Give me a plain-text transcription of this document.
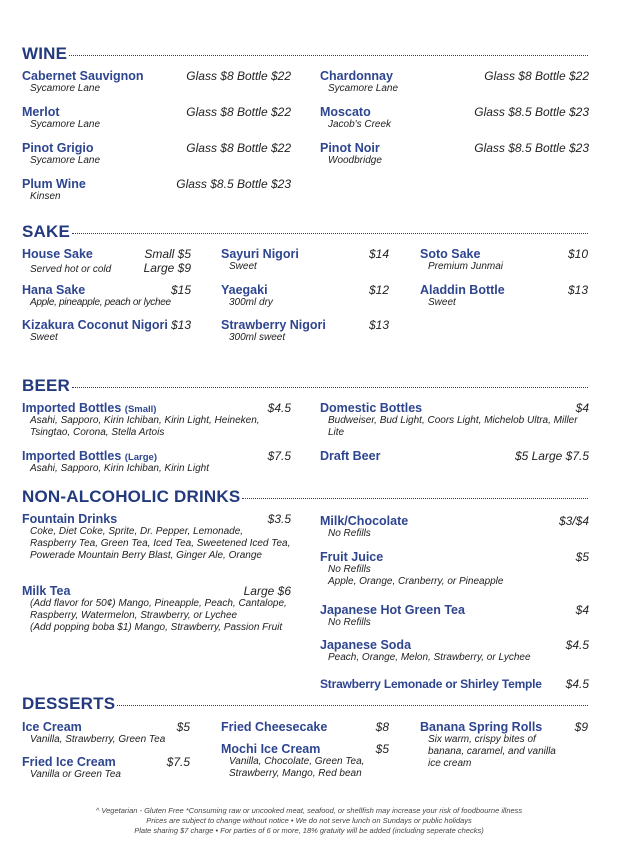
WINE
Cabernet Sauvignon	Glass $8 Bottle $22
Sycamore Lane
Merlot	Glass $8 Bottle $22
Sycamore Lane
Pinot Grigio	Glass $8 Bottle $22
Sycamore Lane
Plum Wine	Glass $8.5 Bottle $23
Kinsen
Chardonnay	Glass $8 Bottle $22
Sycamore Lane
Moscato	Glass $8.5 Bottle $23
Jacob's Creek
Pinot Noir	Glass $8.5 Bottle $23
Woodbridge
SAKE
House Sake	Small $5
Served hot or cold	Large $9
Hana Sake	$15
Apple, pineapple, peach or lychee
Kizakura Coconut Nigori $13
Sweet
Sayuri Nigori	$14
Sweet
Yaegaki	$12
300ml dry
Strawberry Nigori	$13
300ml sweet
Soto Sake	$10
Premium Junmai
Aladdin Bottle	$13
Sweet
BEER
Imported Bottles (Small)	$4.5
Asahi, Sapporo, Kirin Ichiban, Kirin Light, Heineken, Tsingtao, Corona, Stella Artois
Imported Bottles (Large)	$7.5
Asahi, Sapporo, Kirin Ichiban, Kirin Light
Domestic Bottles	$4
Budweiser, Bud Light, Coors Light, Michelob Ultra, Miller Lite
Draft Beer	$5 Large $7.5
NON-ALCOHOLIC DRINKS
Fountain Drinks	$3.5
Coke, Diet Coke, Sprite, Dr. Pepper, Lemonade, Raspberry Tea, Green Tea, Iced Tea, Sweetened Iced Tea, Powerade Mountain Berry Blast, Ginger Ale, Orange
Milk Tea	Large $6
(Add flavor for 50¢) Mango, Pineapple, Peach, Cantalope, Raspberry, Watermelon, Strawberry, or Lychee
(Add popping boba $1) Mango, Strawberry, Passion Fruit
Milk/Chocolate	$3/$4
No Refills
Fruit Juice	$5
No Refills
Apple, Orange, Cranberry, or Pineapple
Japanese Hot Green Tea	$4
No Refills
Japanese Soda	$4.5
Peach, Orange, Melon, Strawberry, or Lychee
Strawberry Lemonade or Shirley Temple $4.5
DESSERTS
Ice Cream	$5
Vanilla, Strawberry, Green Tea
Fried Ice Cream	$7.5
Vanilla or Green Tea
Fried Cheesecake	$8
Mochi Ice Cream	$5
Vanilla, Chocolate, Green Tea, Strawberry, Mango, Red bean
Banana Spring Rolls	$9
Six warm, crispy bites of banana, caramel, and vanilla ice cream
^ Vegetarian - Gluten Free *Consuming raw or uncooked meat, seafood, or shellfish may increase your risk of foodbourne illness
Prices are subject to change without notice • We do not serve lunch on Sundays or public holidays
Plate sharing $7 charge • For parties of 6 or more, 18% gratuity will be added (including seperate checks)
